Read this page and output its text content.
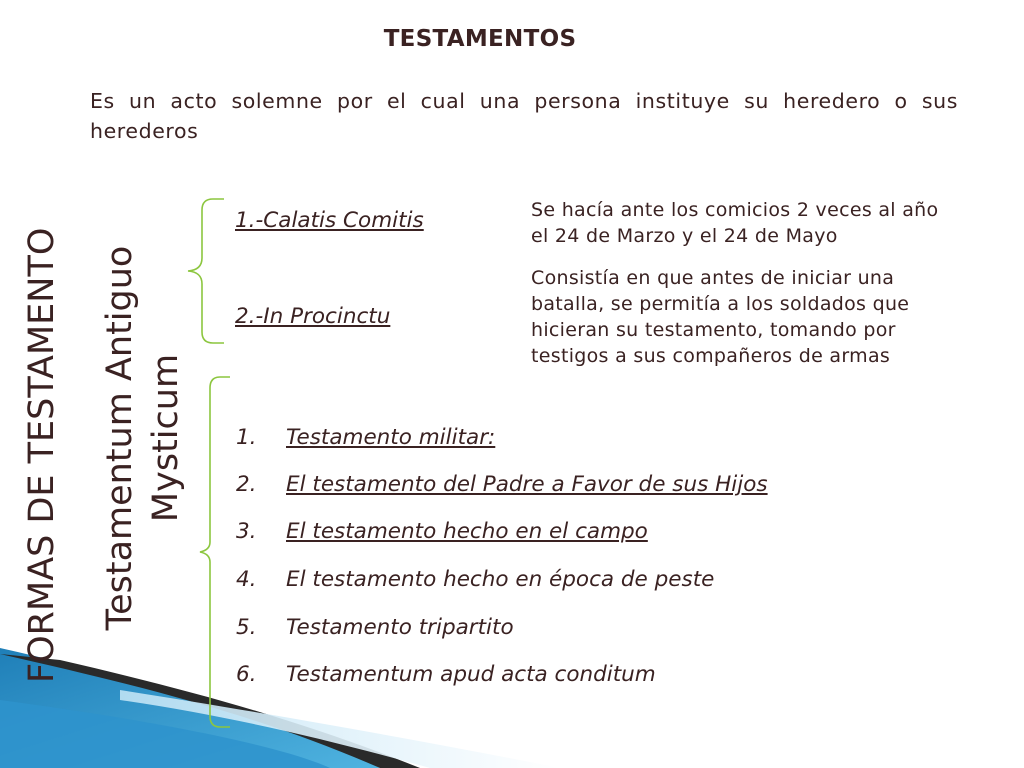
TESTAMENTOS
Es un acto solemne por el cual una persona instituye su heredero o sus herederos
FORMAS DE TESTAMENTO Testamentum Antiguo Mysticum
1.-Calatis Comitis
2.-In Procinctu
Se hacía ante los comicios 2 veces al año
el 24 de Marzo y el 24 de Mayo
Consistía en que antes de iniciar una
batalla, se permitía a los soldados que
hicieran su testamento, tomando por
testigos a sus compañeros de armas
1. Testamento militar:
2. El testamento del Padre a Favor de sus Hijos
3. El testamento hecho en el campo
4. El testamento hecho en época de peste
5. Testamento tripartito
6. Testamentum apud acta conditum
